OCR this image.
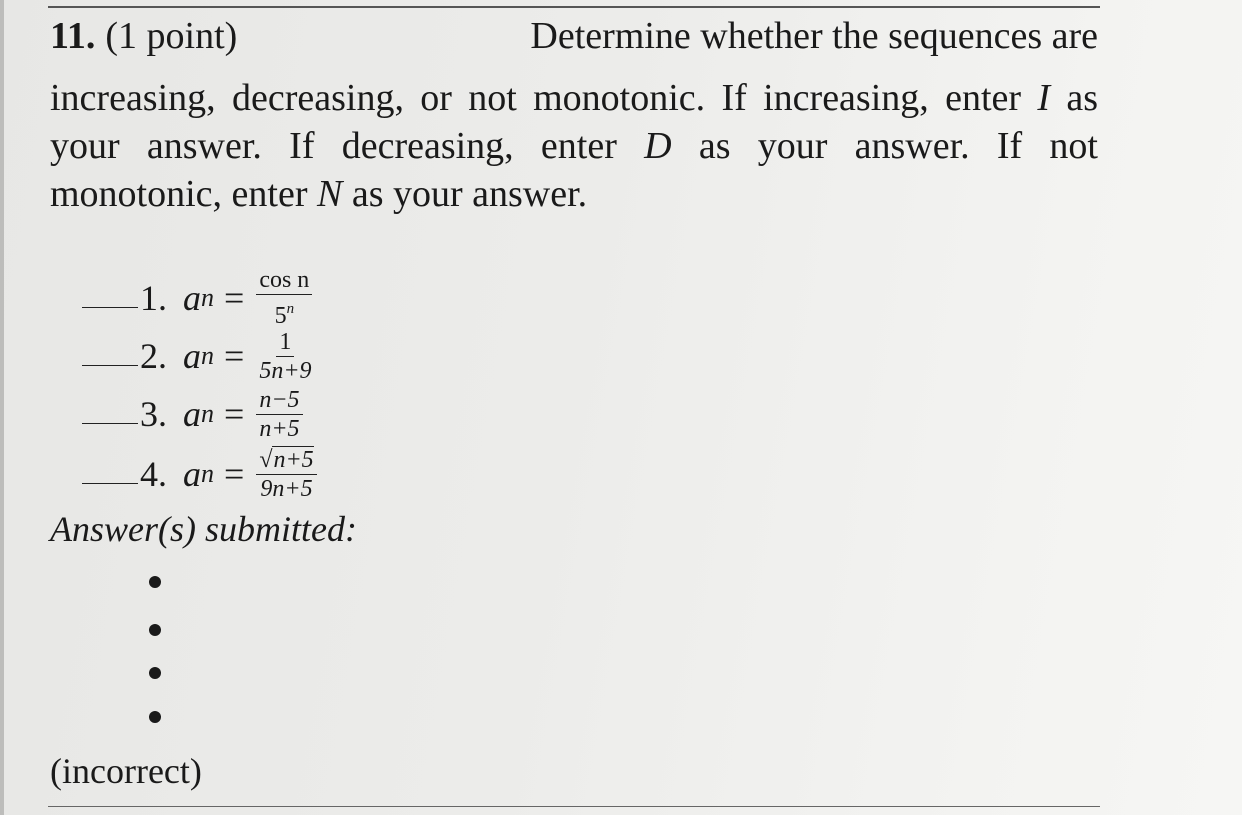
11. (1 point)	Determine whether the sequences are
increasing, decreasing, or not monotonic. If increasing, enter I as your answer. If decreasing, enter D as your answer. If not monotonic, enter N as your answer.
1. a $n = \frac{\text{cos n}}{5^n}$
2. a $n = \frac{1}{5n+9}$
3. a $n = \frac{n-5}{n+5}$
4. a $n = \frac{√n+5}{9n+5}$
Answer(s) submitted:
(incorrect)
